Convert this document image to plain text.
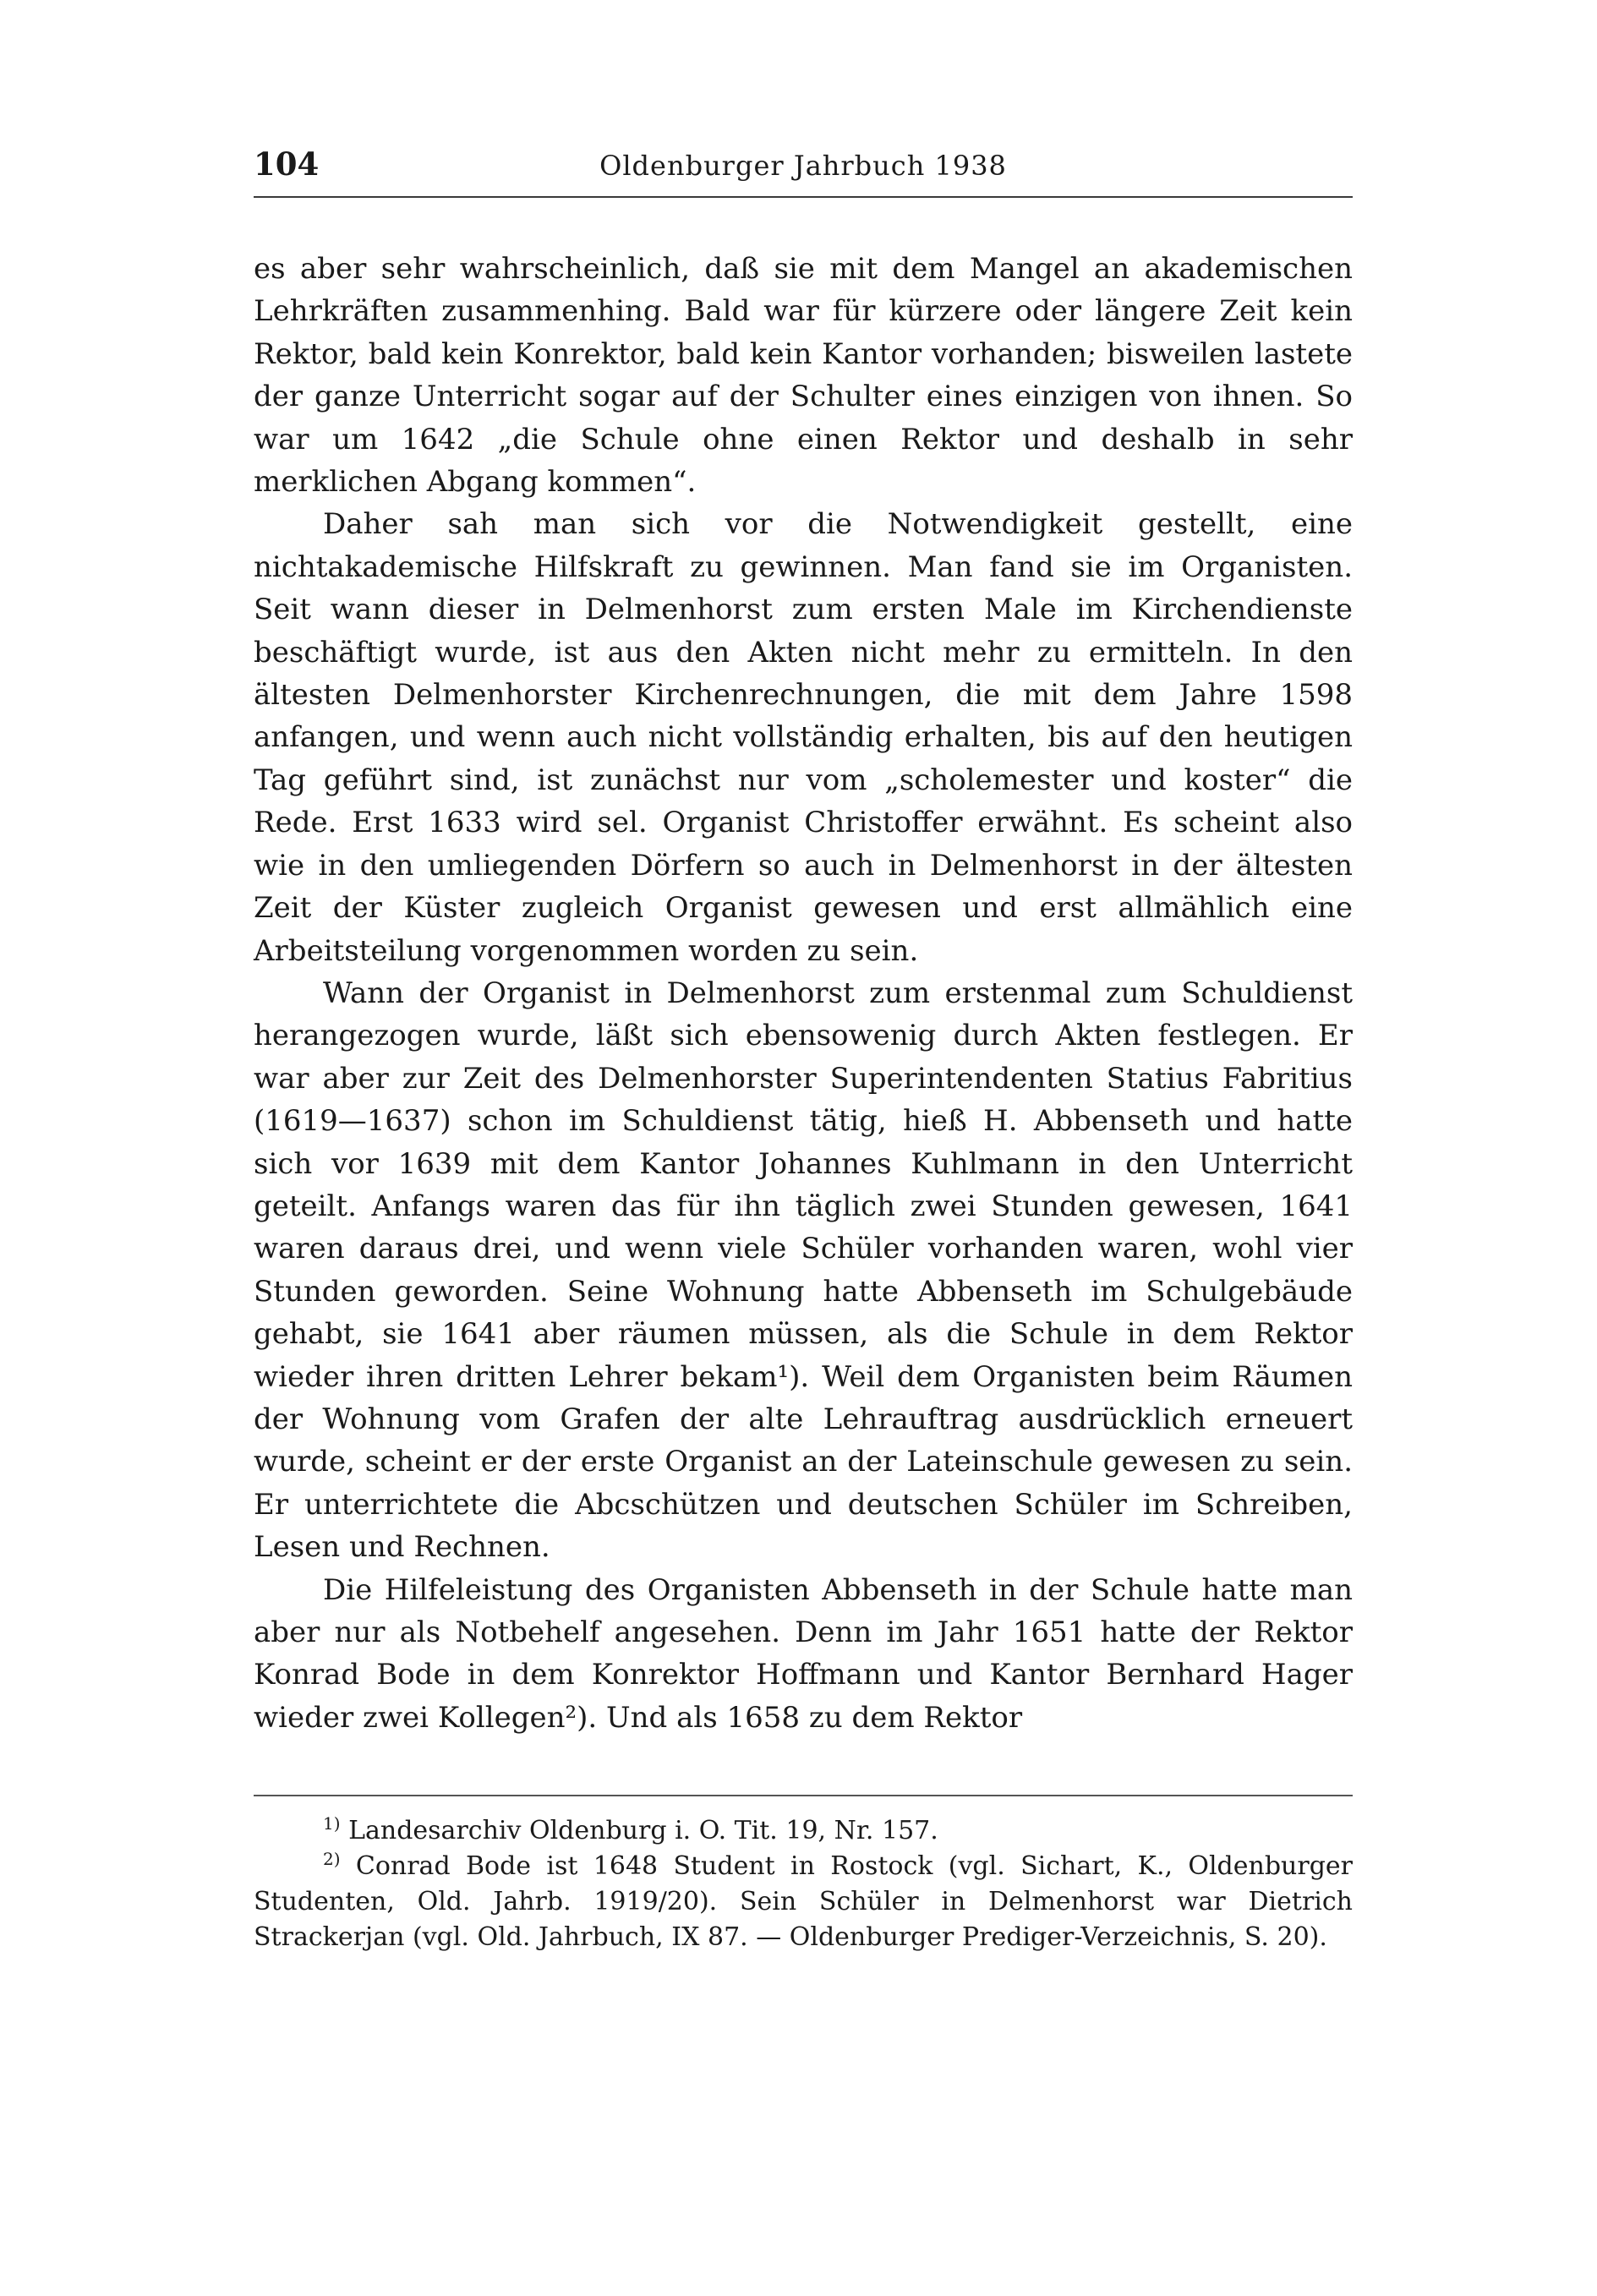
104	Oldenburger Jahrbuch 1938

es aber sehr wahrscheinlich, daß sie mit dem Mangel an akademischen Lehrkräften zusammenhing. Bald war für kürzere oder längere Zeit kein Rektor, bald kein Konrektor, bald kein Kantor vorhanden; bisweilen lastete der ganze Unterricht sogar auf der Schulter eines einzigen von ihnen. So war um 1642 „die Schule ohne einen Rektor und deshalb in sehr merklichen Abgang kommen“.

Daher sah man sich vor die Notwendigkeit gestellt, eine nichtakademische Hilfskraft zu gewinnen. Man fand sie im Organisten. Seit wann dieser in Delmenhorst zum ersten Male im Kirchendienste beschäftigt wurde, ist aus den Akten nicht mehr zu ermitteln. In den ältesten Delmenhorster Kirchenrechnungen, die mit dem Jahre 1598 anfangen, und wenn auch nicht vollständig erhalten, bis auf den heutigen Tag geführt sind, ist zunächst nur vom „scholemester und koster“ die Rede. Erst 1633 wird sel. Organist Christoffer erwähnt. Es scheint also wie in den umliegenden Dörfern so auch in Delmenhorst in der ältesten Zeit der Küster zugleich Organist gewesen und erst allmählich eine Arbeitsteilung vorgenommen worden zu sein.

Wann der Organist in Delmenhorst zum erstenmal zum Schuldienst herangezogen wurde, läßt sich ebensowenig durch Akten festlegen. Er war aber zur Zeit des Delmenhorster Superintendenten Statius Fabritius (1619—1637) schon im Schuldienst tätig, hieß H. Abbenseth und hatte sich vor 1639 mit dem Kantor Johannes Kuhlmann in den Unterricht geteilt. Anfangs waren das für ihn täglich zwei Stunden gewesen, 1641 waren daraus drei, und wenn viele Schüler vorhanden waren, wohl vier Stunden geworden. Seine Wohnung hatte Abbenseth im Schulgebäude gehabt, sie 1641 aber räumen müssen, als die Schule in dem Rektor wieder ihren dritten Lehrer bekam¹). Weil dem Organisten beim Räumen der Wohnung vom Grafen der alte Lehrauftrag ausdrücklich erneuert wurde, scheint er der erste Organist an der Lateinschule gewesen zu sein. Er unterrichtete die Abcschützen und deutschen Schüler im Schreiben, Lesen und Rechnen.

Die Hilfeleistung des Organisten Abbenseth in der Schule hatte man aber nur als Notbehelf angesehen. Denn im Jahr 1651 hatte der Rektor Konrad Bode in dem Konrektor Hoffmann und Kantor Bernhard Hager wieder zwei Kollegen²). Und als 1658 zu dem Rektor

$^{1)}$ Landesarchiv Oldenburg i. O. Tit. 19, Nr. 157.

$^{2)}$ Conrad Bode ist 1648 Student in Rostock (vgl. Sichart, K., Oldenburger Studenten, Old. Jahrb. 1919/20). Sein Schüler in Delmenhorst war Dietrich Strackerjan (vgl. Old. Jahrbuch, IX 87. — Oldenburger Prediger-Verzeichnis, S. 20).
